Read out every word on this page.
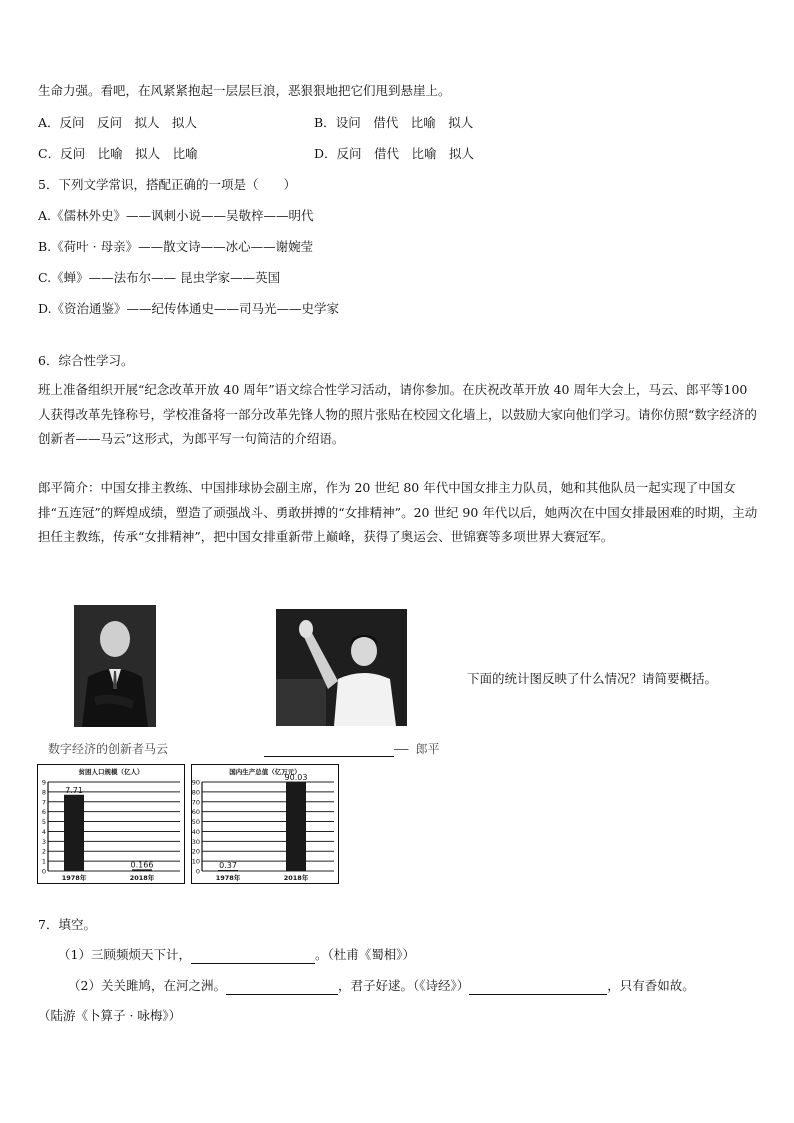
生命力强。看吧，在风紧紧抱起一层层巨浪，恶狠狠地把它们甩到悬崖上。
A．反问　反问　拟人　拟人	B．设问　借代　比喻　拟人
C．反问　比喻　拟人　比喻	D．反问　借代　比喻　拟人
5．下列文学常识，搭配正确的一项是（　　）
A.《儒林外史》——讽刺小说——吴敬梓——明代
B.《荷叶 · 母亲》——散文诗——冰心——谢婉莹
C.《蝉》——法布尔—— 昆虫学家——英国
D.《资治通鉴》——纪传体通史——司马光——史学家
6．综合性学习。
班上准备组织开展“纪念改革开放 40 周年”语文综合性学习活动，请你参加。在庆祝改革开放 40 周年大会上，马云、郎平等100人获得改革先锋称号，学校准备将一部分改革先锋人物的照片张贴在校园文化墙上，以鼓励大家向他们学习。请你仿照“数字经济的创新者——马云”这形式，为郎平写一句简洁的介绍语。
郎平简介：中国女排主教练、中国排球协会副主席，作为 20 世纪 80 年代中国女排主力队员，她和其他队员一起实现了中国女排“五连冠”的辉煌成绩，塑造了顽强战斗、勇敢拼搏的“女排精神”。20 世纪 90 年代以后，她两次在中国女排最困难的时期，主动担任主教练，传承“女排精神”，把中国女排重新带上巅峰，获得了奥运会、世锦赛等多项世界大赛冠军。
数字经济的创新者马云	—— 郎平
下面的统计图反映了什么情况？请简要概括。
贫困人口规模（亿人）
0
1
2
3
4
5
6
7
8
9
7.71
1978年
0.166
2018年
国内生产总值（亿万元）
0
10
20
30
40
50
60
70
80
90
0.37
1978年
90.03
2018年
7．填空。
（1）三顾频烦天下计，	。（杜甫《蜀相》）
（2）关关雎鸠，在河之洲。	，君子好逑。（《诗经》）	，只有香如故。
（陆游《卜算子 · 咏梅》）
